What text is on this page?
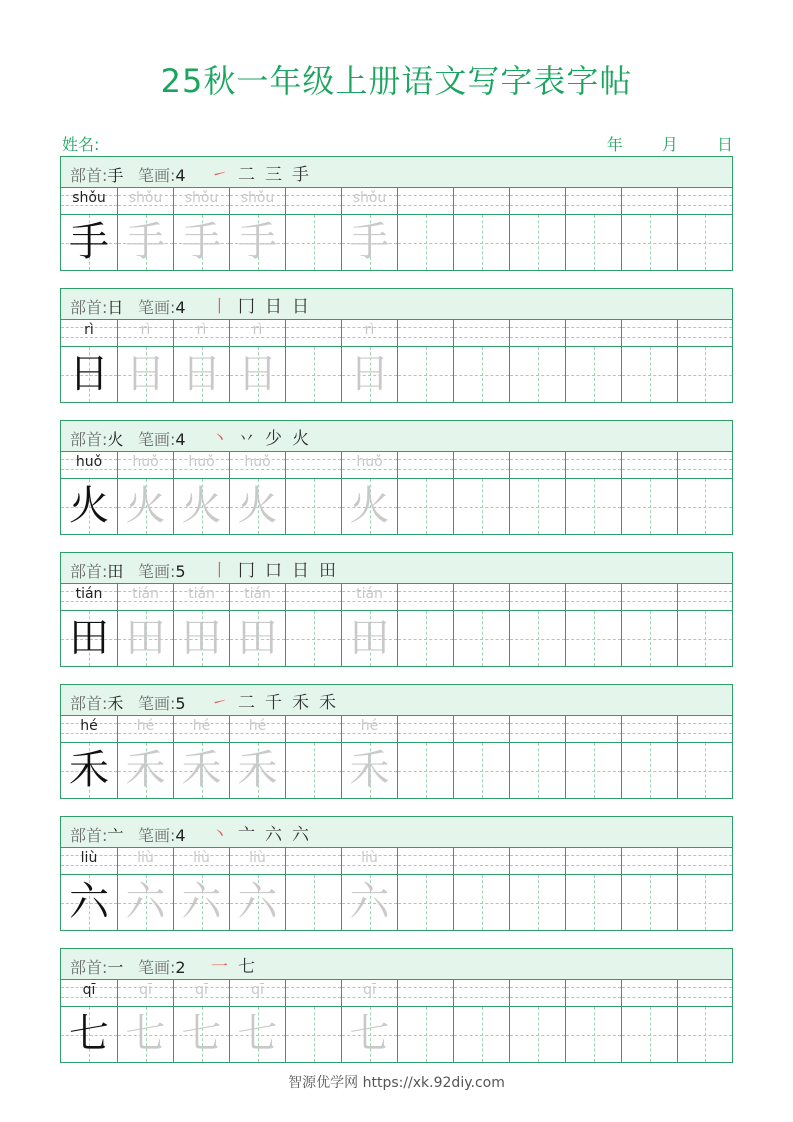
25秋一年级上册语文写字表字帖
姓名:	年 月 日
部首:手 笔画:4 ㇀ 二 三 手
shǒu
手
shǒu
手
shǒu
手
shǒu
手
shǒu
手
部首:日 笔画:4 丨 冂 日 日
rì
日
rì
日
rì
日
rì
日
rì
日
部首:火 笔画:4 丶 丷 少 火
huǒ
火
huǒ
火
huǒ
火
huǒ
火
huǒ
火
部首:田 笔画:5 丨 冂 口 日 田
tián
田
tián
田
tián
田
tián
田
tián
田
部首:禾 笔画:5 ㇀ 二 千 禾 禾
hé
禾
hé
禾
hé
禾
hé
禾
hé
禾
部首:亠 笔画:4 丶 亠 六 六
liù
六
liù
六
liù
六
liù
六
liù
六
部首:一 笔画:2 一 七
qī
七
qī
七
qī
七
qī
七
qī
七
智源优学网 https://xk.92diy.com
